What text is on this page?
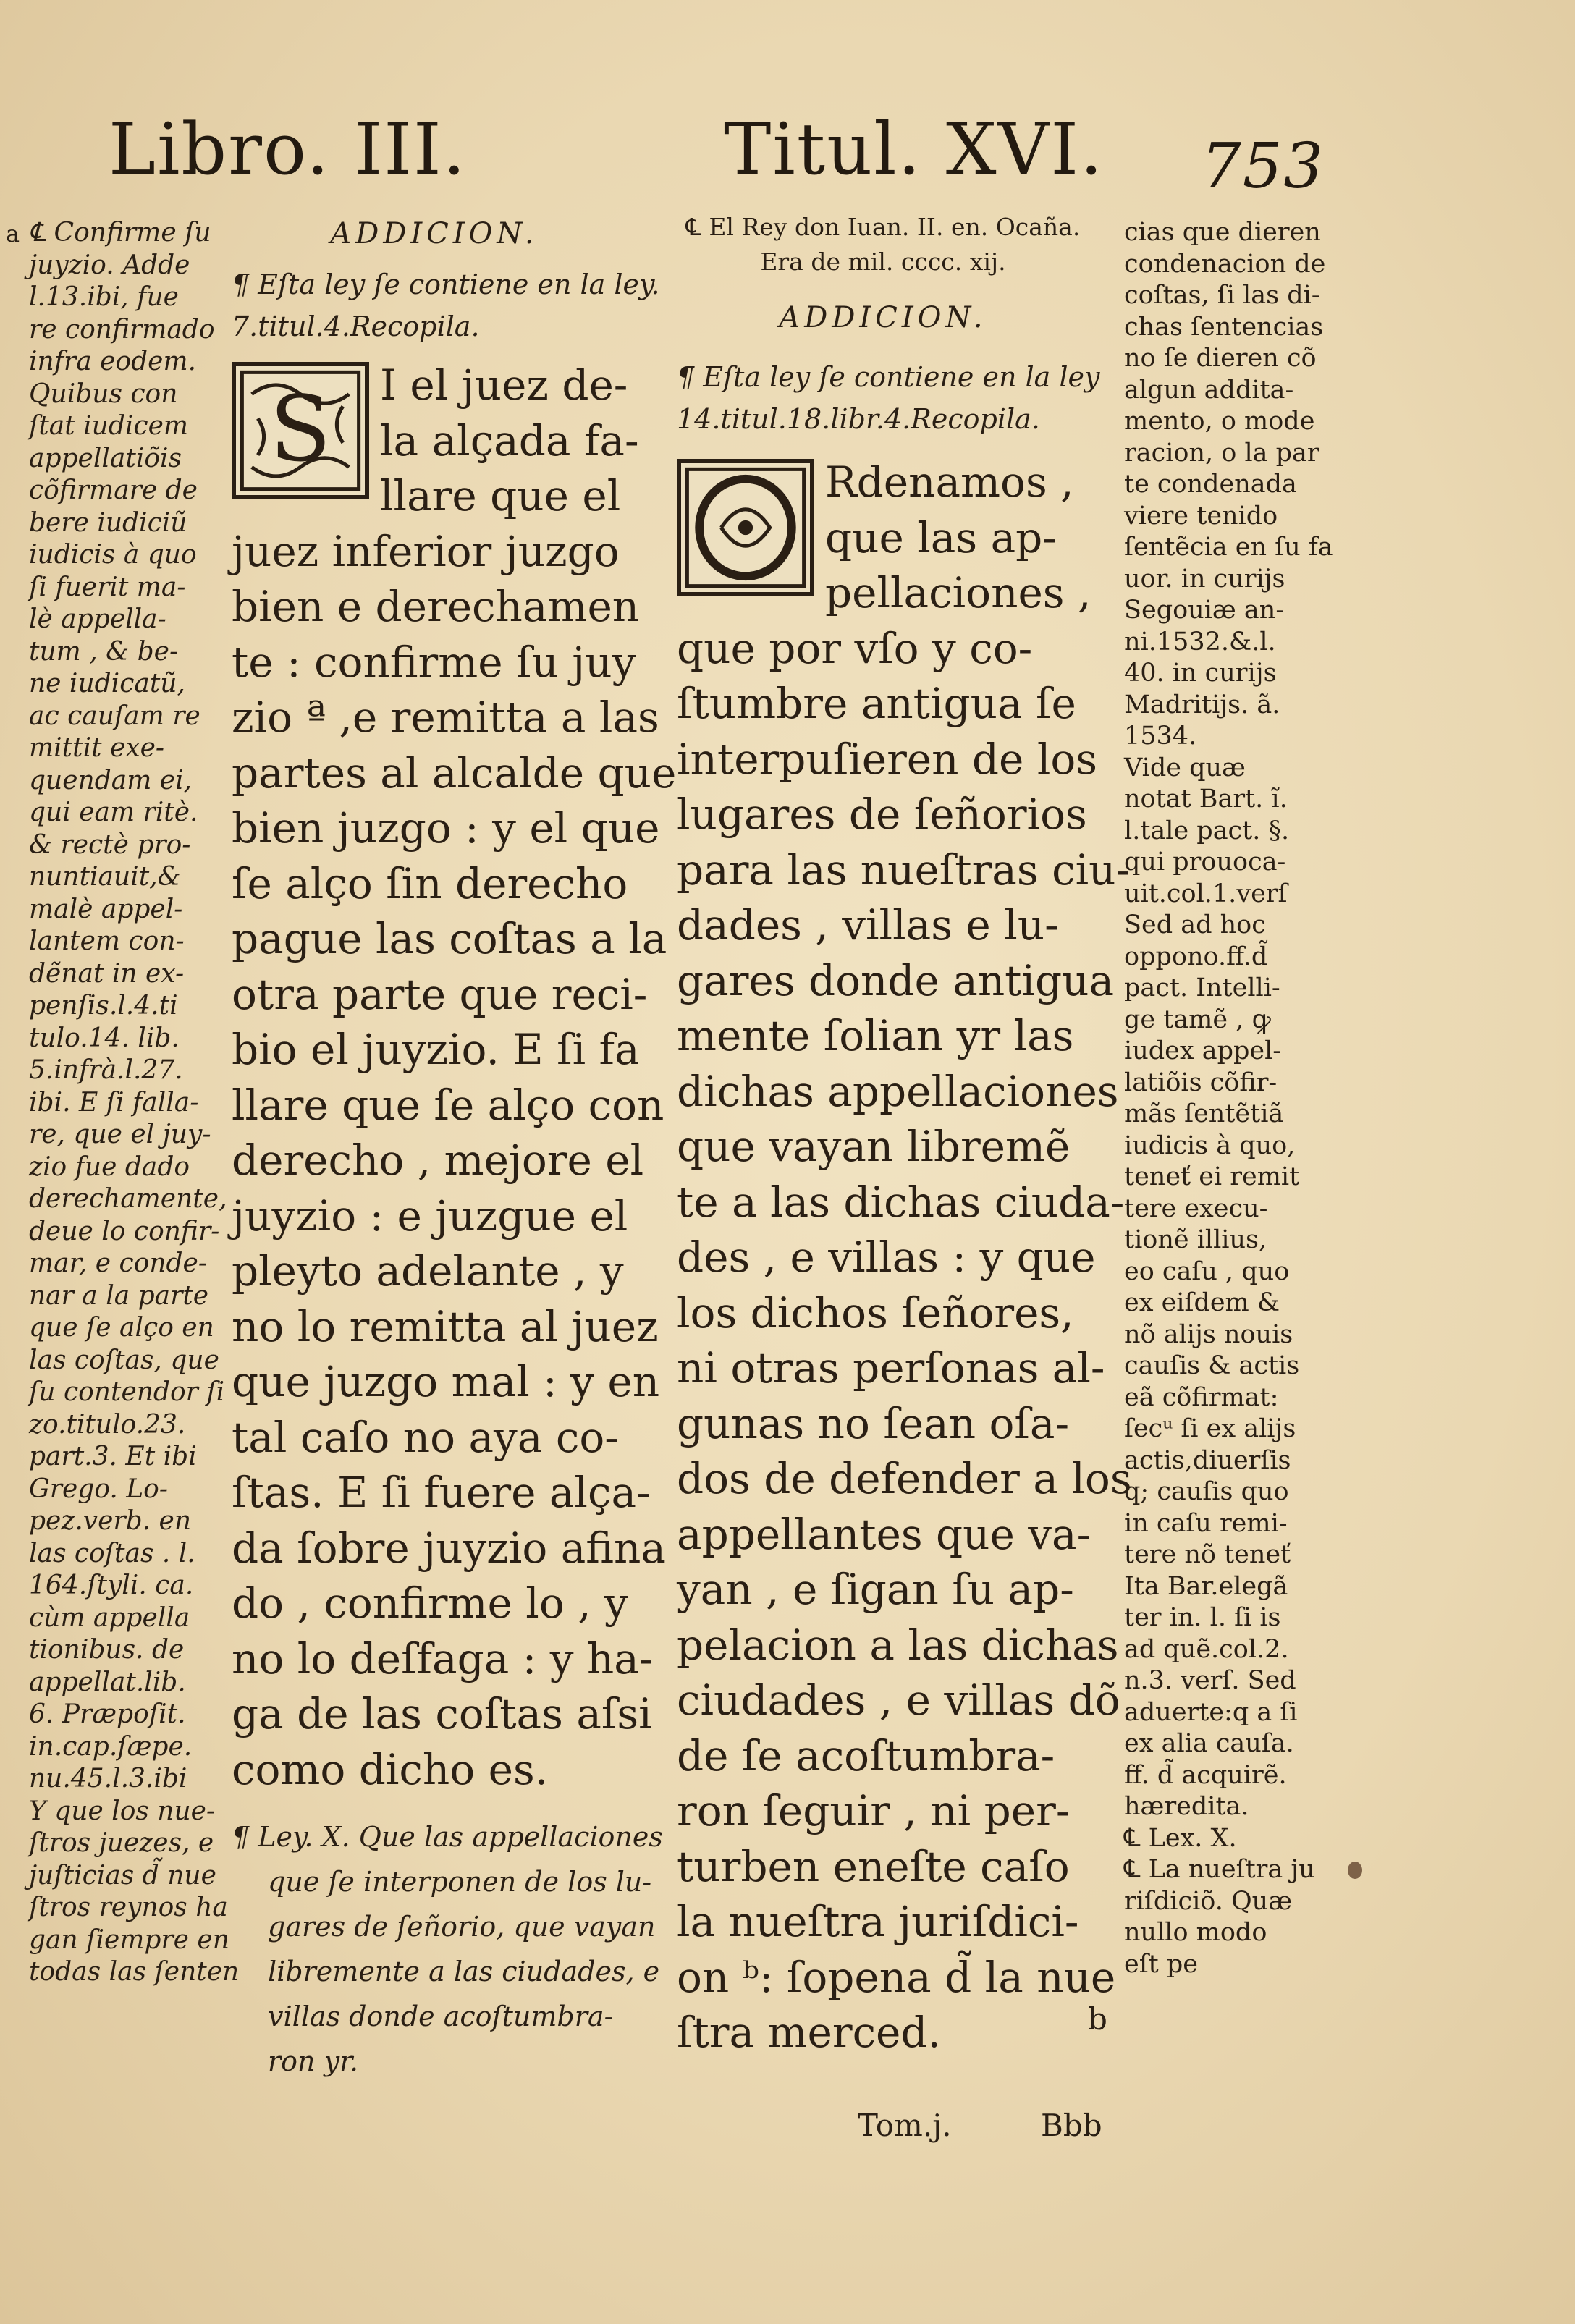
Libro. III.	Titul. XVI. 753
a ℄ Confirme ſu
juyzio. Adde
l.13.ibi, fue
re confirmado
infra eodem.
Quibus con
ſtat iudicem
appellatiõis
cõfirmare de
bere iudiciũ
iudicis à quo
ſi fuerit ma-
lè appella-
tum , & be-
ne iudicatũ,
ac cauſam re
mittit exe-
quendam ei,
qui eam ritè.
& rectè pro-
nuntiauit,&
malè appel-
lantem con-
dẽnat in ex-
penſis.l.4.ti
tulo.14. lib.
5.infrà.l.27.
ibi. E ſi falla-
re, que el juy-
zio fue dado
derechamente,
deue lo confir-
mar, e conde-
nar a la parte
que ſe alço en
las coſtas, que
ſu contendor ſi
zo.titulo.23.
part.3. Et ibi
Grego. Lo-
pez.verb. en
las coſtas . l.
164.ſtyli. ca.
cùm appella
tionibus. de
appellat.lib.
6. Præpoſit.
in.cap.ſæpe.
nu.45.l.3.ibi
Y que los nue-
ſtros juezes, e
juſticias d̃ nue
ſtros reynos ha
gan ſiempre en
todas las ſenten
ADDICION.
¶ Eſta ley ſe contiene en la ley.
7.titul.4.Recopila.
S	I el juez de-
la alçada fa-
llare que el
juez inferior juzgo
bien e derechamen
te : confirme ſu juy
zio ª ,e remitta a las
partes al alcalde que
bien juzgo : y el que
ſe alço ſin derecho
pague las coſtas a la
otra parte que reci-
bio el juyzio. E ſi fa
llare que ſe alço con
derecho , mejore el
juyzio : e juzgue el
pleyto adelante , y
no lo remitta al juez
que juzgo mal : y en
tal caſo no aya co-
ſtas. E ſi fuere alça-
da ſobre juyzio afina
do , confirme lo , y
no lo deſfaga : y ha-
ga de las coſtas aſsi
como dicho es.
¶ Ley. X. Que las appellaciones
que ſe interponen de los lu-
gares de ſeñorio, que vayan
libremente a las ciudades, e
villas donde acoſtumbra-
ron yr.
℄ El Rey don Iuan. II. en. Ocaña.
Era de mil. cccc. xij.
ADDICION.
¶ Eſta ley ſe contiene en la ley
14.titul.18.libr.4.Recopila.
Rdenamos ,
que las ap-
pellaciones ,
que por vſo y co-
ſtumbre antigua ſe
interpuſieren de los
lugares de ſeñorios
para las nueſtras ciu-
dades , villas e lu-
gares donde antigua
mente ſolian yr las
dichas appellaciones
que vayan libremẽ
te a las dichas ciuda-
des , e villas : y que
los dichos ſeñores,
ni otras perſonas al-
gunas no ſean oſa-
dos de defender a los
appellantes que va-
yan , e ſigan ſu ap-
pelacion a las dichas
ciudades , e villas dõ
de ſe acoſtumbra-
ron ſeguir , ni per-
turben eneſte caſo
la nueſtra juriſdici-
on ᵇ: ſopena d̃ la nue
ſtra merced.
cias que dieren
condenacion de
coſtas, ſi las di-
chas ſentencias
no ſe dieren cõ
algun addita-
mento, o mode
racion, o la par
te condenada
viere tenido
ſentẽcia en ſu fa
uor. in curijs
Segouiæ an-
ni.1532.&.l.
40. in curijs
Madritijs. ã.
1534.
Vide quæ
notat Bart. ĩ.
l.tale pact. §.
qui prouoca-
uit.col.1.verſ
Sed ad hoc
oppono.ff.d̃
pact. Intelli-
ge tamẽ , ꝙ
iudex appel-
latiõis cõfir-
mãs ſentẽtiã
iudicis à quo,
teneť ei remit
tere execu-
tionẽ illius,
eo caſu , quo
ex eiſdem &
nõ alijs nouis
cauſis & actis
eã cõfirmat:
ſecᵘ ſi ex alijs
actis,diuerſis
q; cauſis quo
in caſu remi-
tere nõ teneť
Ita Bar.elegã
ter in. l. ſi is
ad quẽ.col.2.
n.3. verſ. Sed
aduerte:q a ſi
ex alia cauſa.
ff. d̃ acquirẽ.
hæredita.
℄ Lex. X.
℄ La nueſtra ju
riſdiciõ. Quæ
nullo modo
eſt pe
b
Tom.j.	Bbb
